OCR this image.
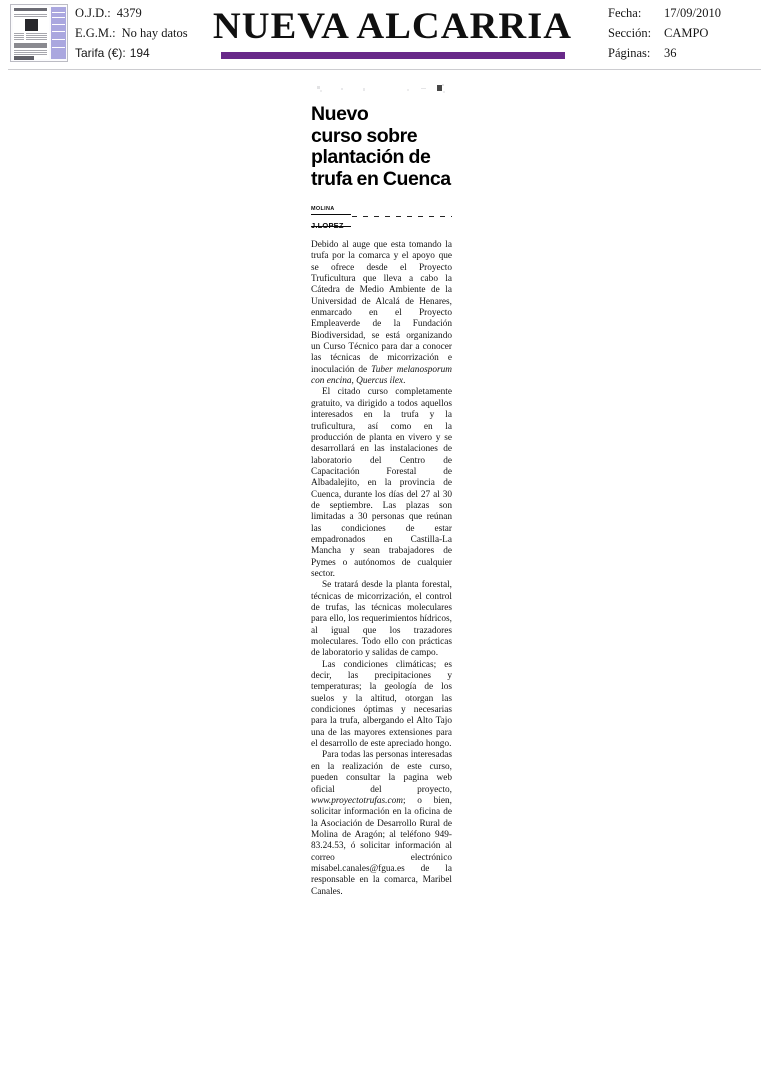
O.J.D.: 4379
E.G.M.: No hay datos
Tarifa (€): 194
NUEVA ALCARRIA	Fecha:	17/09/2010
Sección:	CAMPO
Páginas:	36
Nuevo
curso sobre
plantación de
trufa en Cuenca
MOLINA
J.LOPEZ

Debido al auge que esta tomando la trufa por la comarca y el apoyo que se ofrece desde el Proyecto Truficultura que lleva a cabo la Cátedra de Medio Ambiente de la Universidad de Alcalá de Henares, enmarcado en el Proyecto Empleaverde de la Fundación Biodiversidad, se está organizando un Curso Técnico para dar a conocer las técnicas de micorrización e inoculación de Tuber melanosporum con encina, Quercus ilex.

El citado curso completamente gratuito, va dirigido a todos aquellos interesados en la trufa y la truficultura, así como en la producción de planta en vivero y se desarrollará en las instalaciones de laboratorio del Centro de Capacitación Forestal de Albadalejito, en la provincia de Cuenca, durante los días del 27 al 30 de septiembre. Las plazas son limitadas a 30 personas que reúnan las condiciones de estar empadronados en Castilla-La Mancha y sean trabajadores de Pymes o autónomos de cualquier sector.

Se tratará desde la planta forestal, técnicas de micorrización, el control de trufas, las técnicas moleculares para ello, los requerimientos hídricos, al igual que los trazadores moleculares. Todo ello con prácticas de laboratorio y salidas de campo.

Las condiciones climáticas; es decir, las precipitaciones y temperaturas; la geología de los suelos y la altitud, otorgan las condiciones óptimas y necesarias para la trufa, albergando el Alto Tajo una de las mayores extensiones para el desarrollo de este apreciado hongo.

Para todas las personas interesadas en la realización de este curso, pueden consultar la pagina web oficial del proyecto, www.proyectotrufas.com; o bien, solicitar información en la oficina de la Asociación de Desarrollo Rural de Molina de Aragón; al teléfono 949-83.24.53, ó solicitar información al correo electrónico misabel.canales@fgua.es de la responsable en la comarca, Maribel Canales.
